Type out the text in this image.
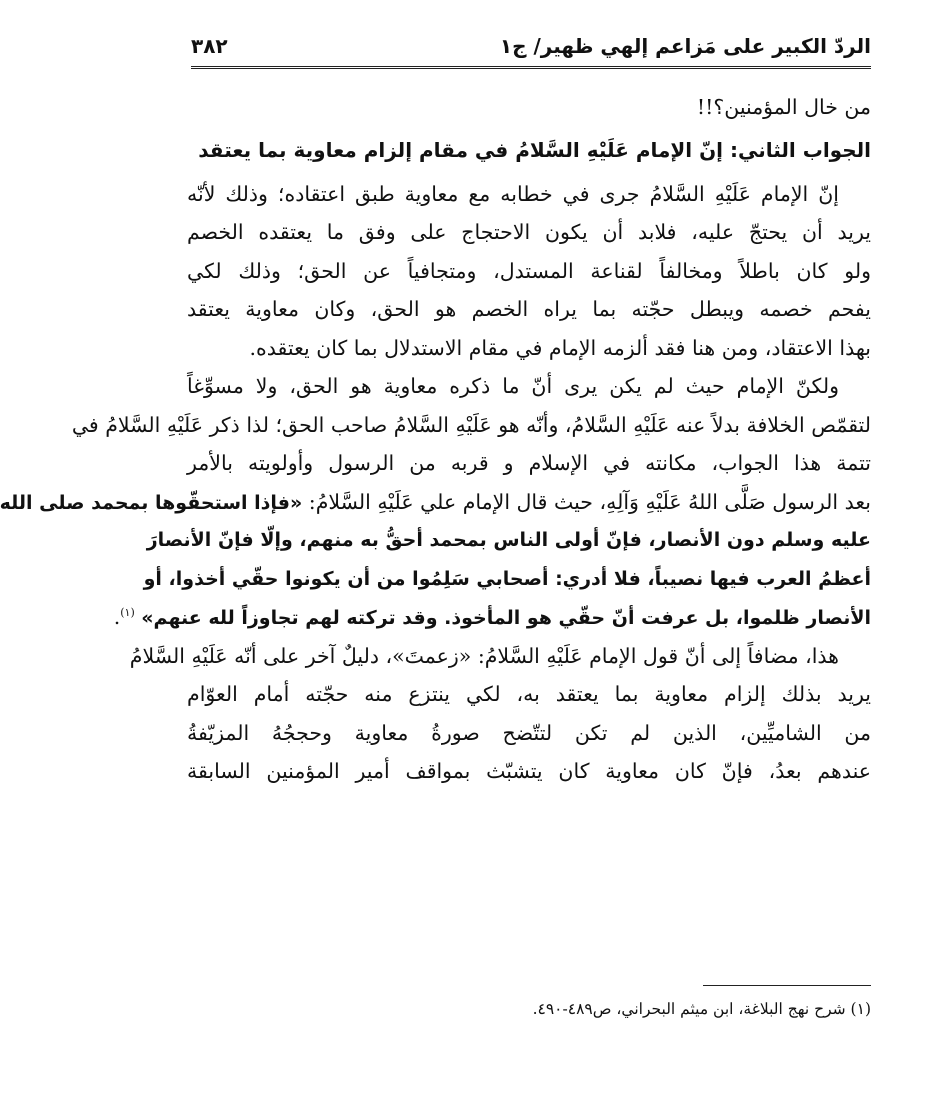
الردّ الكبير على مَزاعم إلهي ظهير/ ج١
٣٨٢
من خال المؤمنين؟!!
الجواب الثاني: إنّ الإمام عَلَيْهِ السَّلامُ في مقام إلزام معاوية بما يعتقد
إنّ الإمام عَلَيْهِ السَّلامُ جرى في خطابه مع معاوية طبق اعتقاده؛ وذلك لأنّه
يريد أن يحتجّ عليه، فلابد أن يكون الاحتجاج على وفق ما يعتقده الخصم
ولو كان باطلاً ومخالفاً لقناعة المستدل، ومتجافياً عن الحق؛ وذلك لكي
يفحم خصمه ويبطل حجّته بما يراه الخصم هو الحق، وكان معاوية يعتقد
بهذا الاعتقاد، ومن هنا فقد ألزمه الإمام في مقام الاستدلال بما كان يعتقده.
ولكنّ الإمام حيث لم يكن يرى أنّ ما ذكره معاوية هو الحق، ولا مسوِّغاً
لتقمّص الخلافة بدلاً عنه عَلَيْهِ السَّلامُ، وأنّه هو عَلَيْهِ السَّلامُ صاحب الحق؛ لذا ذكر عَلَيْهِ السَّلامُ في
تتمة هذا الجواب، مكانته في الإسلام و قربه من الرسول وأولويته بالأمر
بعد الرسول صَلَّى اللهُ عَلَيْهِ وَآلِهِ، حيث قال الإمام علي عَلَيْهِ السَّلامُ: «فإذا استحقّوها بمحمد صلى الله
عليه وسلم دون الأنصار، فإنّ أولى الناس بمحمد أحقُّ به منهم، وإلّا فإنّ الأنصارَ
أعظمُ العرب فيها نصيباً، فلا أدري: أصحابي سَلِمُوا من أن يكونوا حقّي أخذوا، أو
الأنصار ظلموا، بل عرفت أنّ حقّي هو المأخوذ. وقد تركته لهم تجاوزاً لله عنهم» $^{(١)}$.
هذا، مضافاً إلى أنّ قول الإمام عَلَيْهِ السَّلامُ: «زعمتَ»، دليلٌ آخر على أنّه عَلَيْهِ السَّلامُ
يريد بذلك إلزام معاوية بما يعتقد به، لكي ينتزع منه حجّته أمام العوّام
من الشاميِّين، الذين لم تكن لتتّضح صورةُ معاوية وحججُهُ المزيّفةُ
عندهم بعدُ، فإنّ كان معاوية كان يتشبّث بمواقف أمير المؤمنين السابقة
(١) شرح نهج البلاغة، ابن ميثم البحراني، ص٤٨٩-٤٩٠.
